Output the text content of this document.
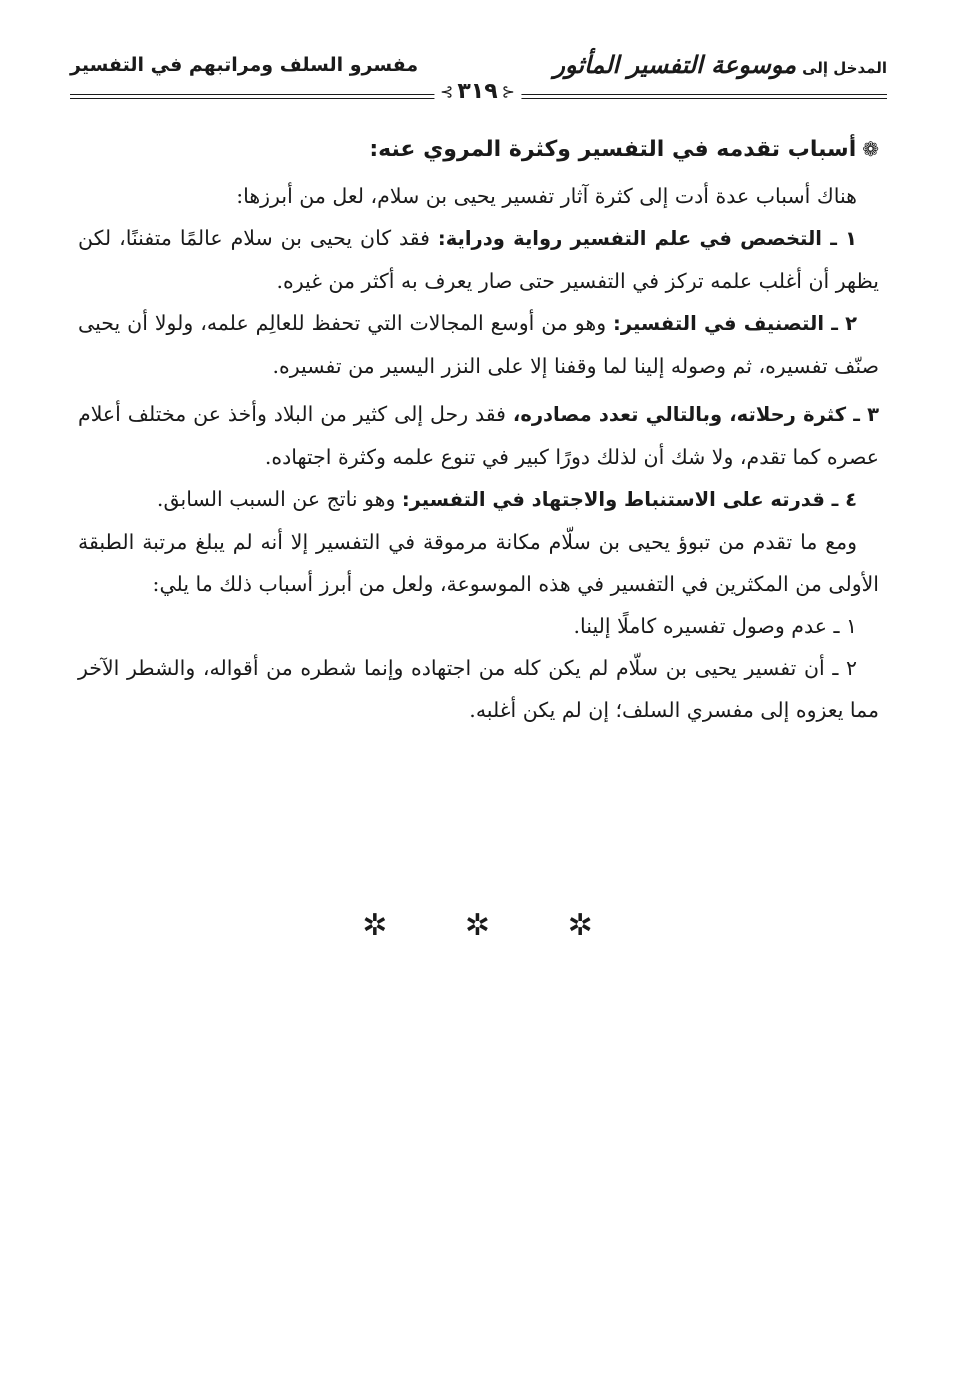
مفسرو السلف ومراتبهم في التفسير	المدخل إلى
موسوعة التفسير المأثور
⊰
٣١٩
⊱

❁أسباب تقدمه في التفسير وكثرة المروي عنه:

هناك أسباب عدة أدت إلى كثرة آثار تفسير يحيى بن سلام، لعل من أبرزها:

١ ـ التخصص في علم التفسير رواية ودراية: فقد كان يحيى بن سلام عالمًا متفننًا، لكن يظهر أن أغلب علمه تركز في التفسير حتى صار يعرف به أكثر من غيره.

٢ ـ التصنيف في التفسير: وهو من أوسع المجالات التي تحفظ للعالِم علمه، ولولا أن يحيى صنّف تفسيره، ثم وصوله إلينا لما وقفنا إلا على النزر اليسير من تفسيره.

٣ ـ كثرة رحلاته، وبالتالي تعدد مصادره، فقد رحل إلى كثير من البلاد وأخذ عن مختلف أعلام عصره كما تقدم، ولا شك أن لذلك دورًا كبير في تنوع علمه وكثرة اجتهاده.

٤ ـ قدرته على الاستنباط والاجتهاد في التفسير: وهو ناتج عن السبب السابق.

ومع ما تقدم من تبوؤ يحيى بن سلّام مكانة مرموقة في التفسير إلا أنه لم يبلغ مرتبة الطبقة الأولى من المكثرين في التفسير في هذه الموسوعة، ولعل من أبرز أسباب ذلك ما يلي:

١ ـ عدم وصول تفسيره كاملًا إلينا.

٢ ـ أن تفسير يحيى بن سلّام لم يكن كله من اجتهاده وإنما شطره من أقواله، والشطر الآخر مما يعزوه إلى مفسري السلف؛ إن لم يكن أغلبه.

✲ ✲ ✲
